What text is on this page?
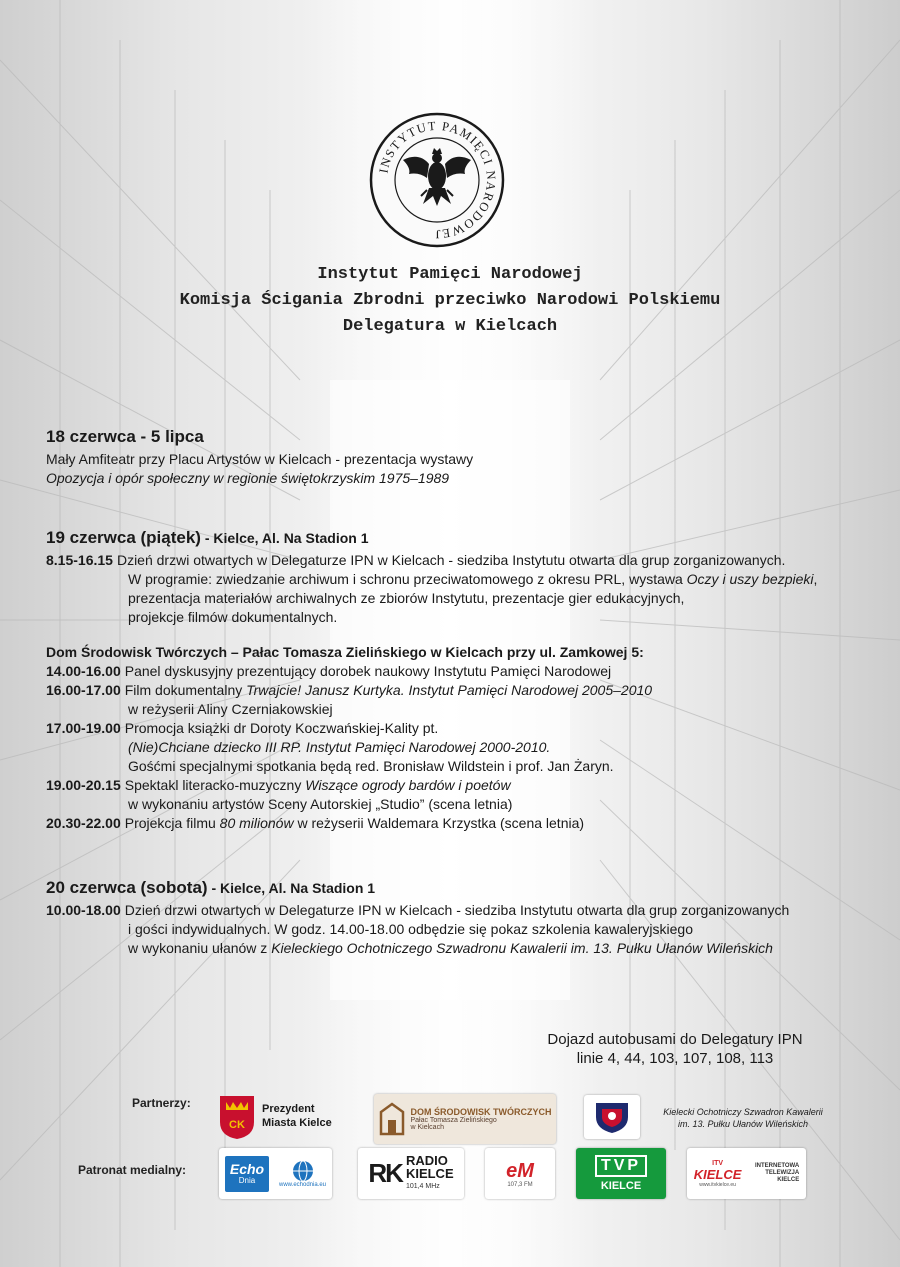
INSTYTUT PAMIĘCI NARODOWEJ
Instytut Pamięci Narodowej
Komisja Ścigania Zbrodni przeciwko Narodowi Polskiemu
Delegatura w Kielcach
18 czerwca - 5 lipca
Mały Amfiteatr przy Placu Artystów w Kielcach - prezentacja wystawy
Opozycja i opór społeczny w regionie świętokrzyskim 1975–1989
19 czerwca (piątek) - Kielce, Al. Na Stadion 1
8.15-16.15 Dzień drzwi otwartych w Delegaturze IPN w Kielcach - siedziba Instytutu otwarta dla grup zorganizowanych.
W programie: zwiedzanie archiwum i schronu przeciwatomowego z okresu PRL, wystawa Oczy i uszy bezpieki,
prezentacja materiałów archiwalnych ze zbiorów Instytutu, prezentacje gier edukacyjnych,
projekcje filmów dokumentalnych.
Dom Środowisk Twórczych – Pałac Tomasza Zielińskiego w Kielcach przy ul. Zamkowej 5:
14.00-16.00 Panel dyskusyjny prezentujący dorobek naukowy Instytutu Pamięci Narodowej
16.00-17.00 Film dokumentalny Trwajcie! Janusz Kurtyka. Instytut Pamięci Narodowej 2005–2010
w reżyserii Aliny Czerniakowskiej
17.00-19.00 Promocja książki dr Doroty Koczwańskiej-Kality pt.
(Nie)Chciane dziecko III RP. Instytut Pamięci Narodowej 2000-2010.
Gośćmi specjalnymi spotkania będą red. Bronisław Wildstein i prof. Jan Żaryn.
19.00-20.15 Spektakl literacko-muzyczny Wiszące ogrody bardów i poetów
w wykonaniu artystów Sceny Autorskiej „Studio” (scena letnia)
20.30-22.00 Projekcja filmu 80 milionów w reżyserii Waldemara Krzystka (scena letnia)
20 czerwca (sobota) - Kielce, Al. Na Stadion 1
10.00-18.00 Dzień drzwi otwartych w Delegaturze IPN w Kielcach - siedziba Instytutu otwarta dla grup zorganizowanych
i gości indywidualnych. W godz. 14.00-18.00 odbędzie się pokaz szkolenia kawaleryjskiego
w wykonaniu ułanów z Kieleckiego Ochotniczego Szwadronu Kawalerii im. 13. Pułku Ułanów Wileńskich
Dojazd autobusami do Delegatury IPN
linie 4, 44, 103, 107, 108, 113
Partnerzy:
CK
Prezydent
Miasta Kielce
DOM ŚRODOWISK TWÓRCZYCH
Pałac Tomasza Zielińskiego
w Kielcach
Kielecki Ochotniczy Szwadron Kawalerii
im. 13. Pułku Ułanów Wileńskich
Patronat medialny:	Echo
Dnia	www.echodnia.eu RK RADIO
KIELCE
101,4 MHz
eM
107,3 FM
TVP
KIELCE
ITV
KIELCE
www.itvkielce.eu
INTERNETOWA
TELEWIZJA
KIELCE
